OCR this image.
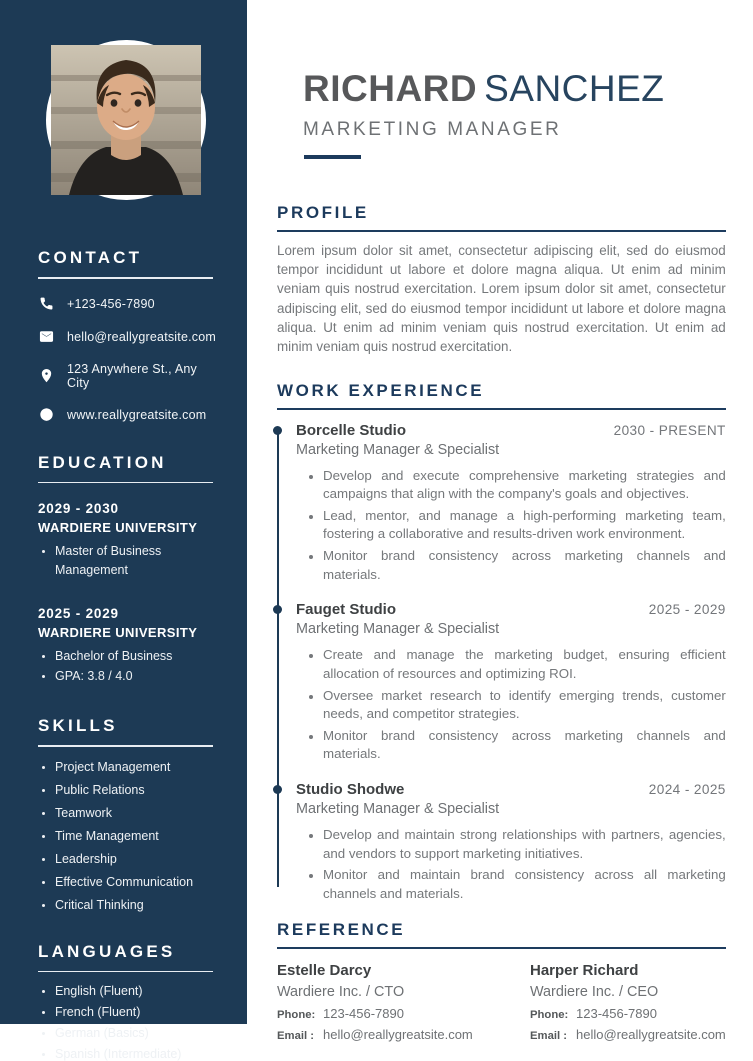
CONTACT
+123-456-7890
hello@reallygreatsite.com
123 Anywhere St., Any City
www.reallygreatsite.com
EDUCATION
2029 - 2030
WARDIERE UNIVERSITY
• Master of Business Management
2025 - 2029
WARDIERE UNIVERSITY
• Bachelor of Business
• GPA: 3.8 / 4.0
SKILLS
• Project Management
• Public Relations
• Teamwork
• Time Management
• Leadership
• Effective Communication
• Critical Thinking
LANGUAGES
• English (Fluent)
• French (Fluent)
• German (Basics)
• Spanish (Intermediate)
RICHARD SANCHEZ
MARKETING MANAGER
PROFILE

Lorem ipsum dolor sit amet, consectetur adipiscing elit, sed do eiusmod tempor incididunt ut labore et dolore magna aliqua. Ut enim ad minim veniam quis nostrud exercitation. Lorem ipsum dolor sit amet, consectetur adipiscing elit, sed do eiusmod tempor incididunt ut labore et dolore magna aliqua. Ut enim ad minim veniam quis nostrud exercitation. Ut enim ad minim veniam quis nostrud exercitation.

WORK EXPERIENCE
Borcelle Studio	2030 - PRESENT
Marketing Manager & Specialist
• Develop and execute comprehensive marketing strategies and campaigns that align with the company's goals and objectives.
• Lead, mentor, and manage a high-performing marketing team, fostering a collaborative and results-driven work environment.
• Monitor brand consistency across marketing channels and materials.
Fauget Studio	2025 - 2029
Marketing Manager & Specialist
• Create and manage the marketing budget, ensuring efficient allocation of resources and optimizing ROI.
• Oversee market research to identify emerging trends, customer needs, and competitor strategies.
• Monitor brand consistency across marketing channels and materials.
Studio Shodwe	2024 - 2025
Marketing Manager & Specialist
• Develop and maintain strong relationships with partners, agencies, and vendors to support marketing initiatives.
• Monitor and maintain brand consistency across all marketing channels and materials.
REFERENCE
Estelle Darcy
Wardiere Inc. / CTO
Phone: 123-456-7890
Email : hello@reallygreatsite.com
Harper Richard
Wardiere Inc. / CEO
Phone: 123-456-7890
Email : hello@reallygreatsite.com
